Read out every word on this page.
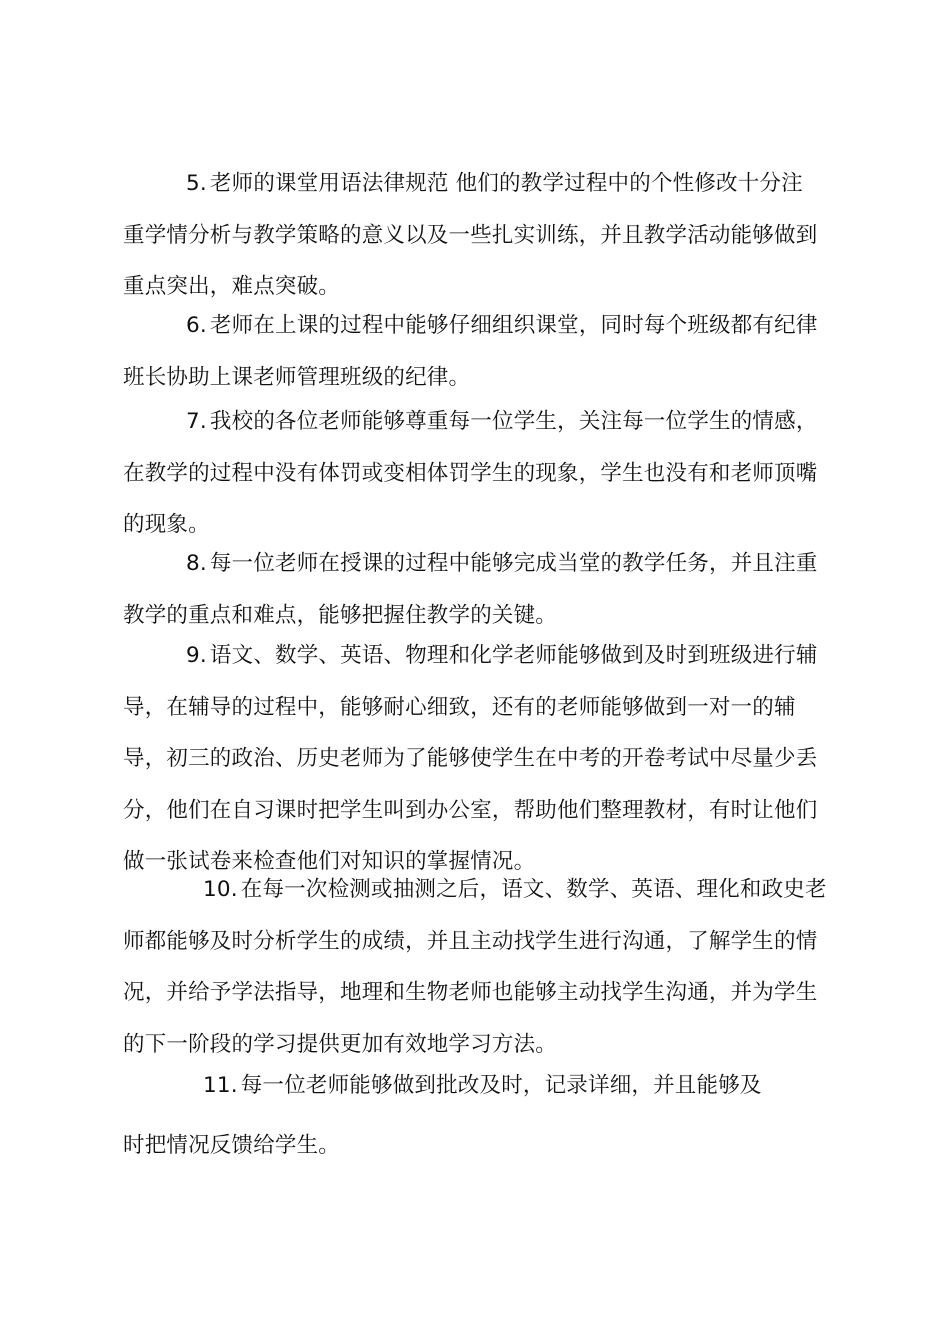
5. 老师的课堂用语法律规范 他们的教学过程中的个性修改十分注
重学情分析与教学策略的意义以及一些扎实训练，并且教学活动能够做到
重点突出，难点突破。
6. 老师在上课的过程中能够仔细组织课堂，同时每个班级都有纪律
班长协助上课老师管理班级的纪律。
7. 我校的各位老师能够尊重每一位学生，关注每一位学生的情感，
在教学的过程中没有体罚或变相体罚学生的现象，学生也没有和老师顶嘴
的现象。
8. 每一位老师在授课的过程中能够完成当堂的教学任务，并且注重
教学的重点和难点，能够把握住教学的关键。
9. 语文、数学、英语、物理和化学老师能够做到及时到班级进行辅
导，在辅导的过程中，能够耐心细致，还有的老师能够做到一对一的辅
导，初三的政治、历史老师为了能够使学生在中考的开卷考试中尽量少丢
分，他们在自习课时把学生叫到办公室，帮助他们整理教材，有时让他们
做一张试卷来检查他们对知识的掌握情况。
10. 在每一次检测或抽测之后，语文、数学、英语、理化和政史老
师都能够及时分析学生的成绩，并且主动找学生进行沟通，了解学生的情
况，并给予学法指导，地理和生物老师也能够主动找学生沟通，并为学生
的下一阶段的学习提供更加有效地学习方法。
11. 每一位老师能够做到批改及时，记录详细，并且能够及
时把情况反馈给学生。
